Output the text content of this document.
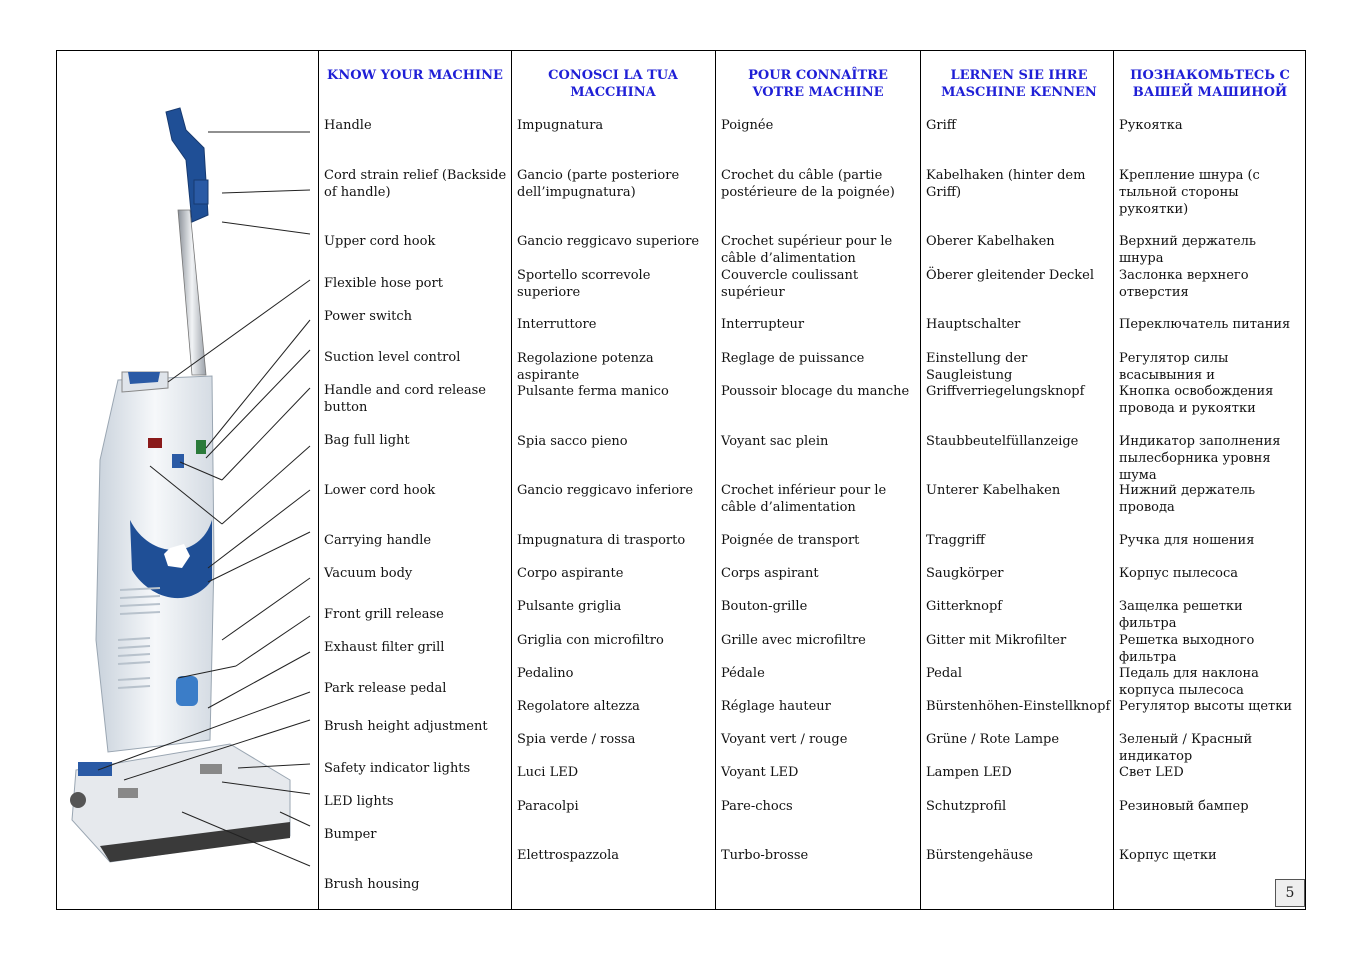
KNOW YOUR MACHINE	CONOSCI LA TUA MACCHINA
POUR CONNAÎTRE VOTRE MACHINE
LERNEN SIE IHRE MASCHINE KENNEN
ПОЗНАКОМЬТЕСЬ С ВАШЕЙ МАШИНОЙ
Handle
Cord strain relief (Backside of handle)
Upper cord hook
Flexible hose port
Power switch
Suction level control
Handle and cord release button
Bag full light
Lower cord hook
Carrying handle
Vacuum body
Front grill release
Exhaust filter grill
Park release pedal
Brush height adjustment
Safety indicator lights
LED lights
Bumper
Brush housing
Impugnatura
Gancio (parte posteriore dell’impugnatura)
Gancio reggicavo superiore
Sportello scorrevole superiore
Interruttore
Regolazione potenza aspirante
Pulsante ferma manico
Spia sacco pieno
Gancio reggicavo inferiore
Impugnatura di trasporto
Corpo aspirante
Pulsante griglia
Griglia con microfiltro
Pedalino
Regolatore altezza
Spia verde / rossa
Luci LED
Paracolpi
Elettrospazzola
Poignée
Crochet du câble (partie postérieure de la poignée)
Crochet supérieur pour le câble d’alimentation
Couvercle coulissant supérieur
Interrupteur
Reglage de puissance
Poussoir blocage du manche
Voyant sac plein
Crochet inférieur pour le câble d’alimentation
Poignée de transport
Corps aspirant
Bouton-grille
Grille avec microfiltre
Pédale
Réglage hauteur
Voyant vert / rouge
Voyant LED
Pare-chocs
Turbo-brosse
Griff
Kabelhaken (hinter dem Griff)
Oberer Kabelhaken
Öberer gleitender Deckel
Hauptschalter
Einstellung der Saugleistung
Griffverriegelungsknopf
Staubbeutelfüllanzeige
Unterer Kabelhaken
Traggriff
Saugkörper
Gitterknopf
Gitter mit Mikrofilter
Pedal
Bürstenhöhen-Einstellknopf
Grüne / Rote Lampe
Lampen LED
Schutzprofil
Bürstengehäuse
Рукоятка
Крепление шнура (с тыльной стороны рукоятки)
Верхний держатель шнура
Заслонка верхнего отверстия
Переключатель питания
Регулятор силы всасывыния и
Кнопка освобождения провода и рукоятки
Индикатор заполнения пылесборника уровня шума
Нижний держатель провода
Ручка для ношения
Корпус пылесоса
Защелка решетки фильтра
Решетка выходного фильтра
Педаль для наклона корпуса пылесоса
Регулятор высоты щетки
Зеленый / Красный индикатор
Свет LED
Резиновый бампер
Корпус щетки
5
